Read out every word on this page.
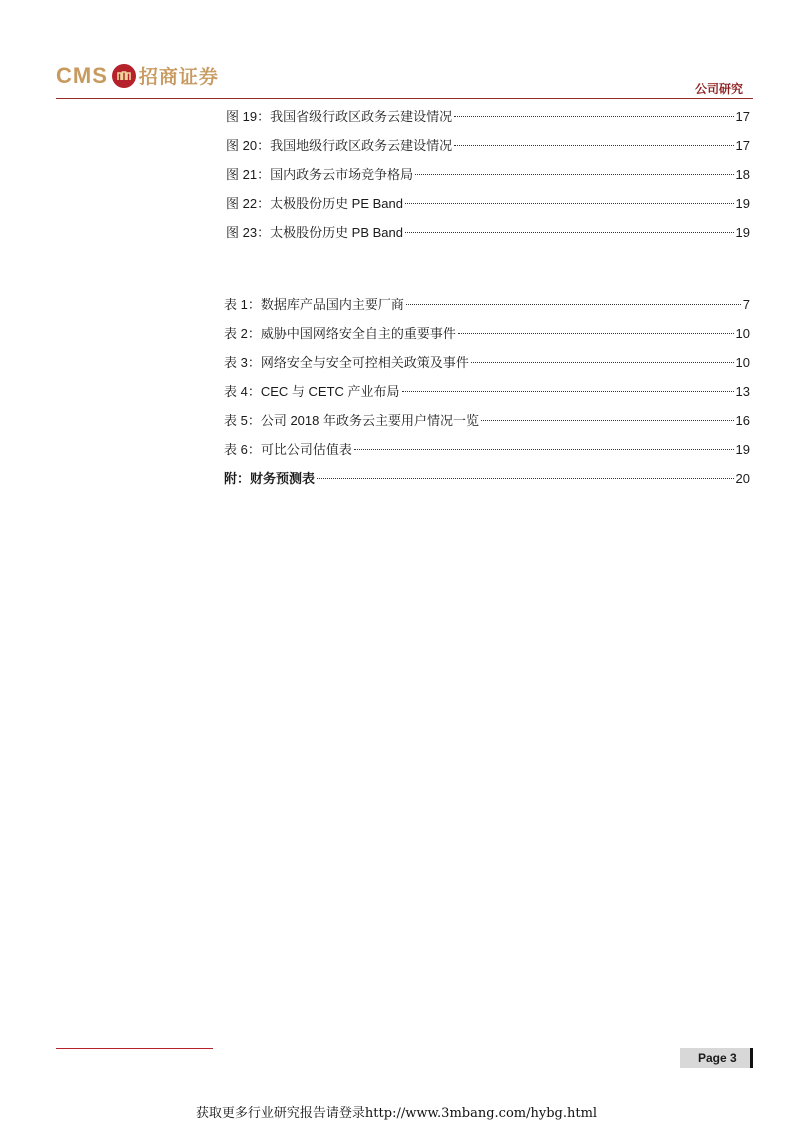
CMS 招商证券
公司研究
图 19：我国省级行政区政务云建设情况	17
图 20：我国地级行政区政务云建设情况	17
图 21：国内政务云市场竞争格局	18
图 22：太极股份历史 PE Band	19
图 23：太极股份历史 PB Band	19
表 1：数据库产品国内主要厂商	7
表 2：威胁中国网络安全自主的重要事件	10
表 3：网络安全与安全可控相关政策及事件	10
表 4：CEC 与 CETC 产业布局	13
表 5：公司 2018 年政务云主要用户情况一览	16
表 6：可比公司估值表	19
附：财务预测表	20
Page 3
获取更多行业研究报告请登录http://www.3mbang.com/hybg.html
